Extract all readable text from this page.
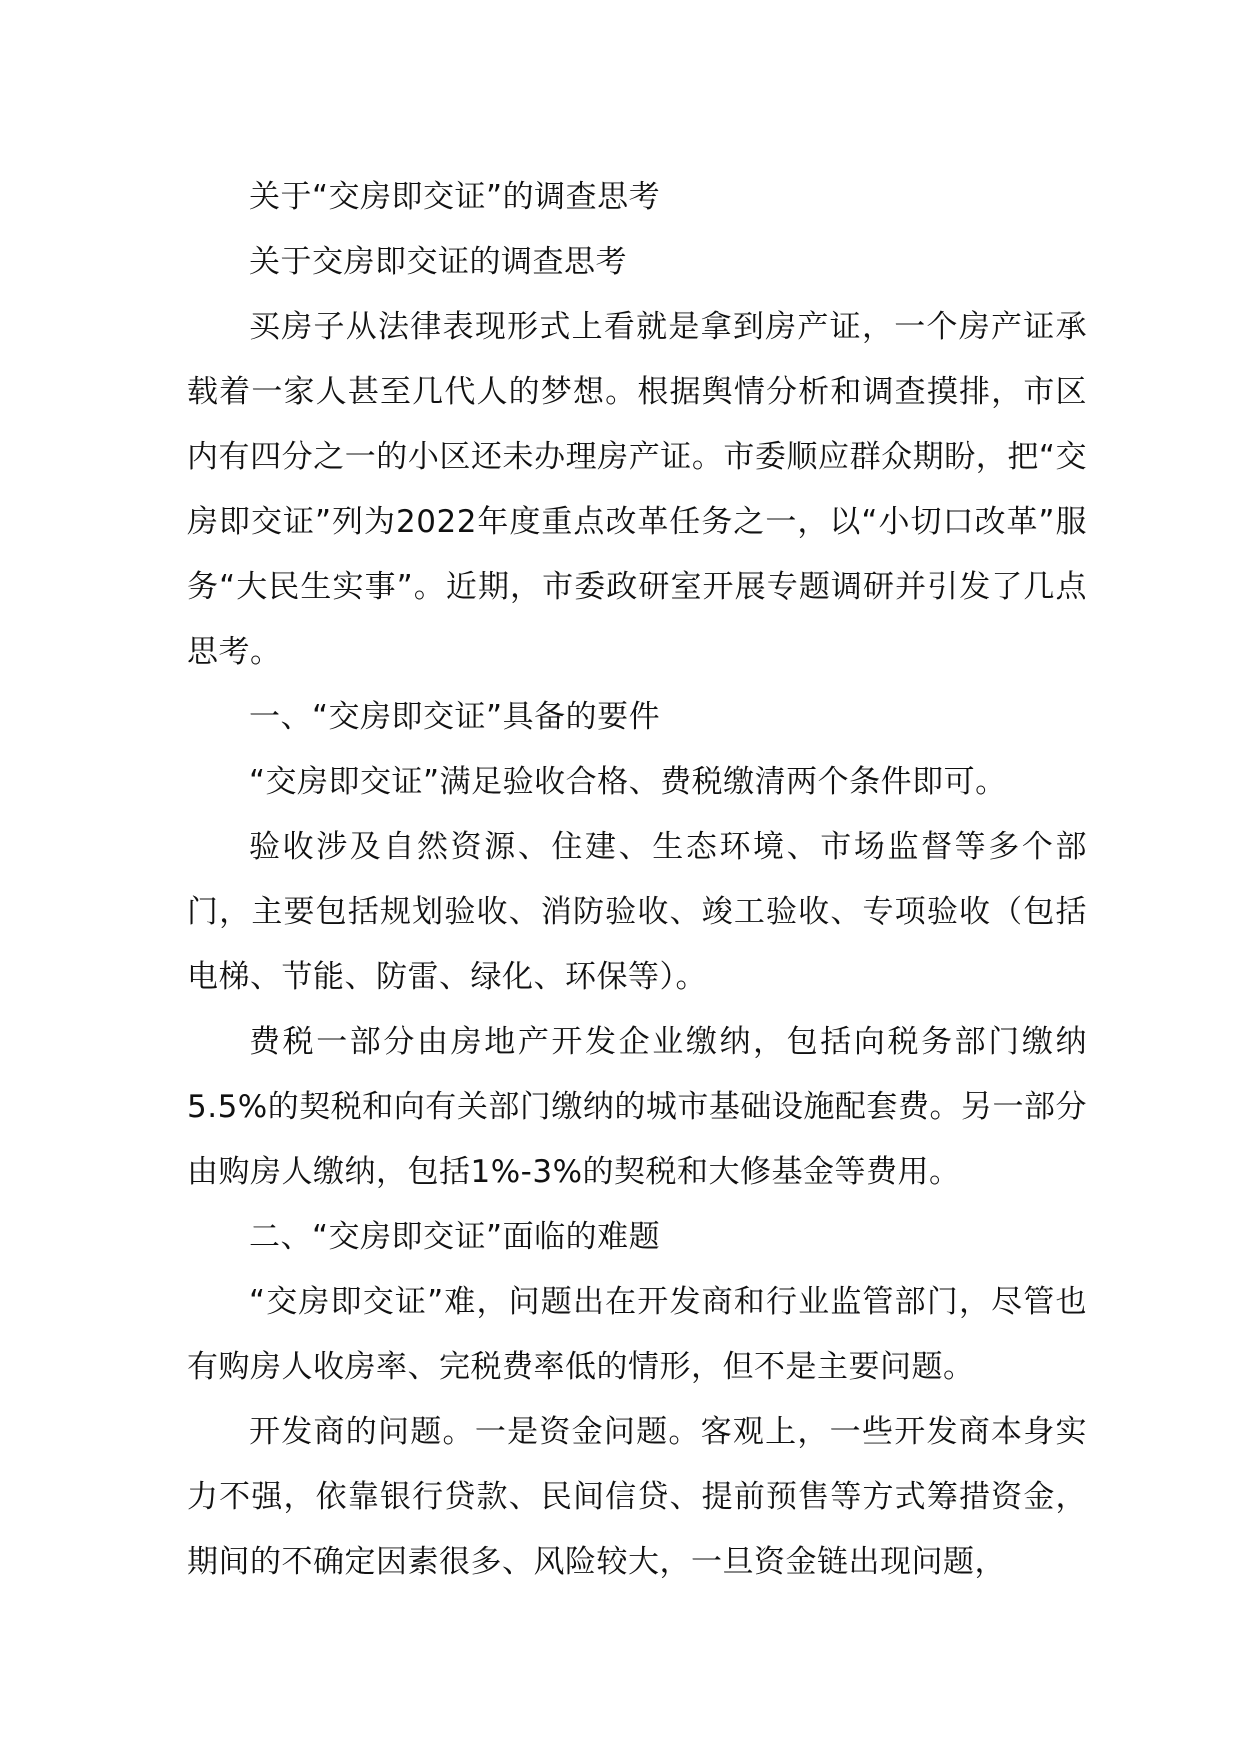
关于“交房即交证”的调查思考

关于交房即交证的调查思考

买房子从法律表现形式上看就是拿到房产证，一个房产证承载着一家人甚至几代人的梦想。根据舆情分析和调查摸排，市区内有四分之一的小区还未办理房产证。市委顺应群众期盼，把“交房即交证”列为2022年度重点改革任务之一，以“小切口改革”服务“大民生实事”。近期，市委政研室开展专题调研并引发了几点思考。

一、“交房即交证”具备的要件

“交房即交证”满足验收合格、费税缴清两个条件即可。

验收涉及自然资源、住建、生态环境、市场监督等多个部门，主要包括规划验收、消防验收、竣工验收、专项验收（包括电梯、节能、防雷、绿化、环保等）。

费税一部分由房地产开发企业缴纳，包括向税务部门缴纳5.5%的契税和向有关部门缴纳的城市基础设施配套费。另一部分由购房人缴纳，包括1%-3%的契税和大修基金等费用。

二、“交房即交证”面临的难题

“交房即交证”难，问题出在开发商和行业监管部门，尽管也有购房人收房率、完税费率低的情形，但不是主要问题。

开发商的问题。一是资金问题。客观上，一些开发商本身实力不强，依靠银行贷款、民间信贷、提前预售等方式筹措资金，期间的不确定因素很多、风险较大，一旦资金链出现问题，
